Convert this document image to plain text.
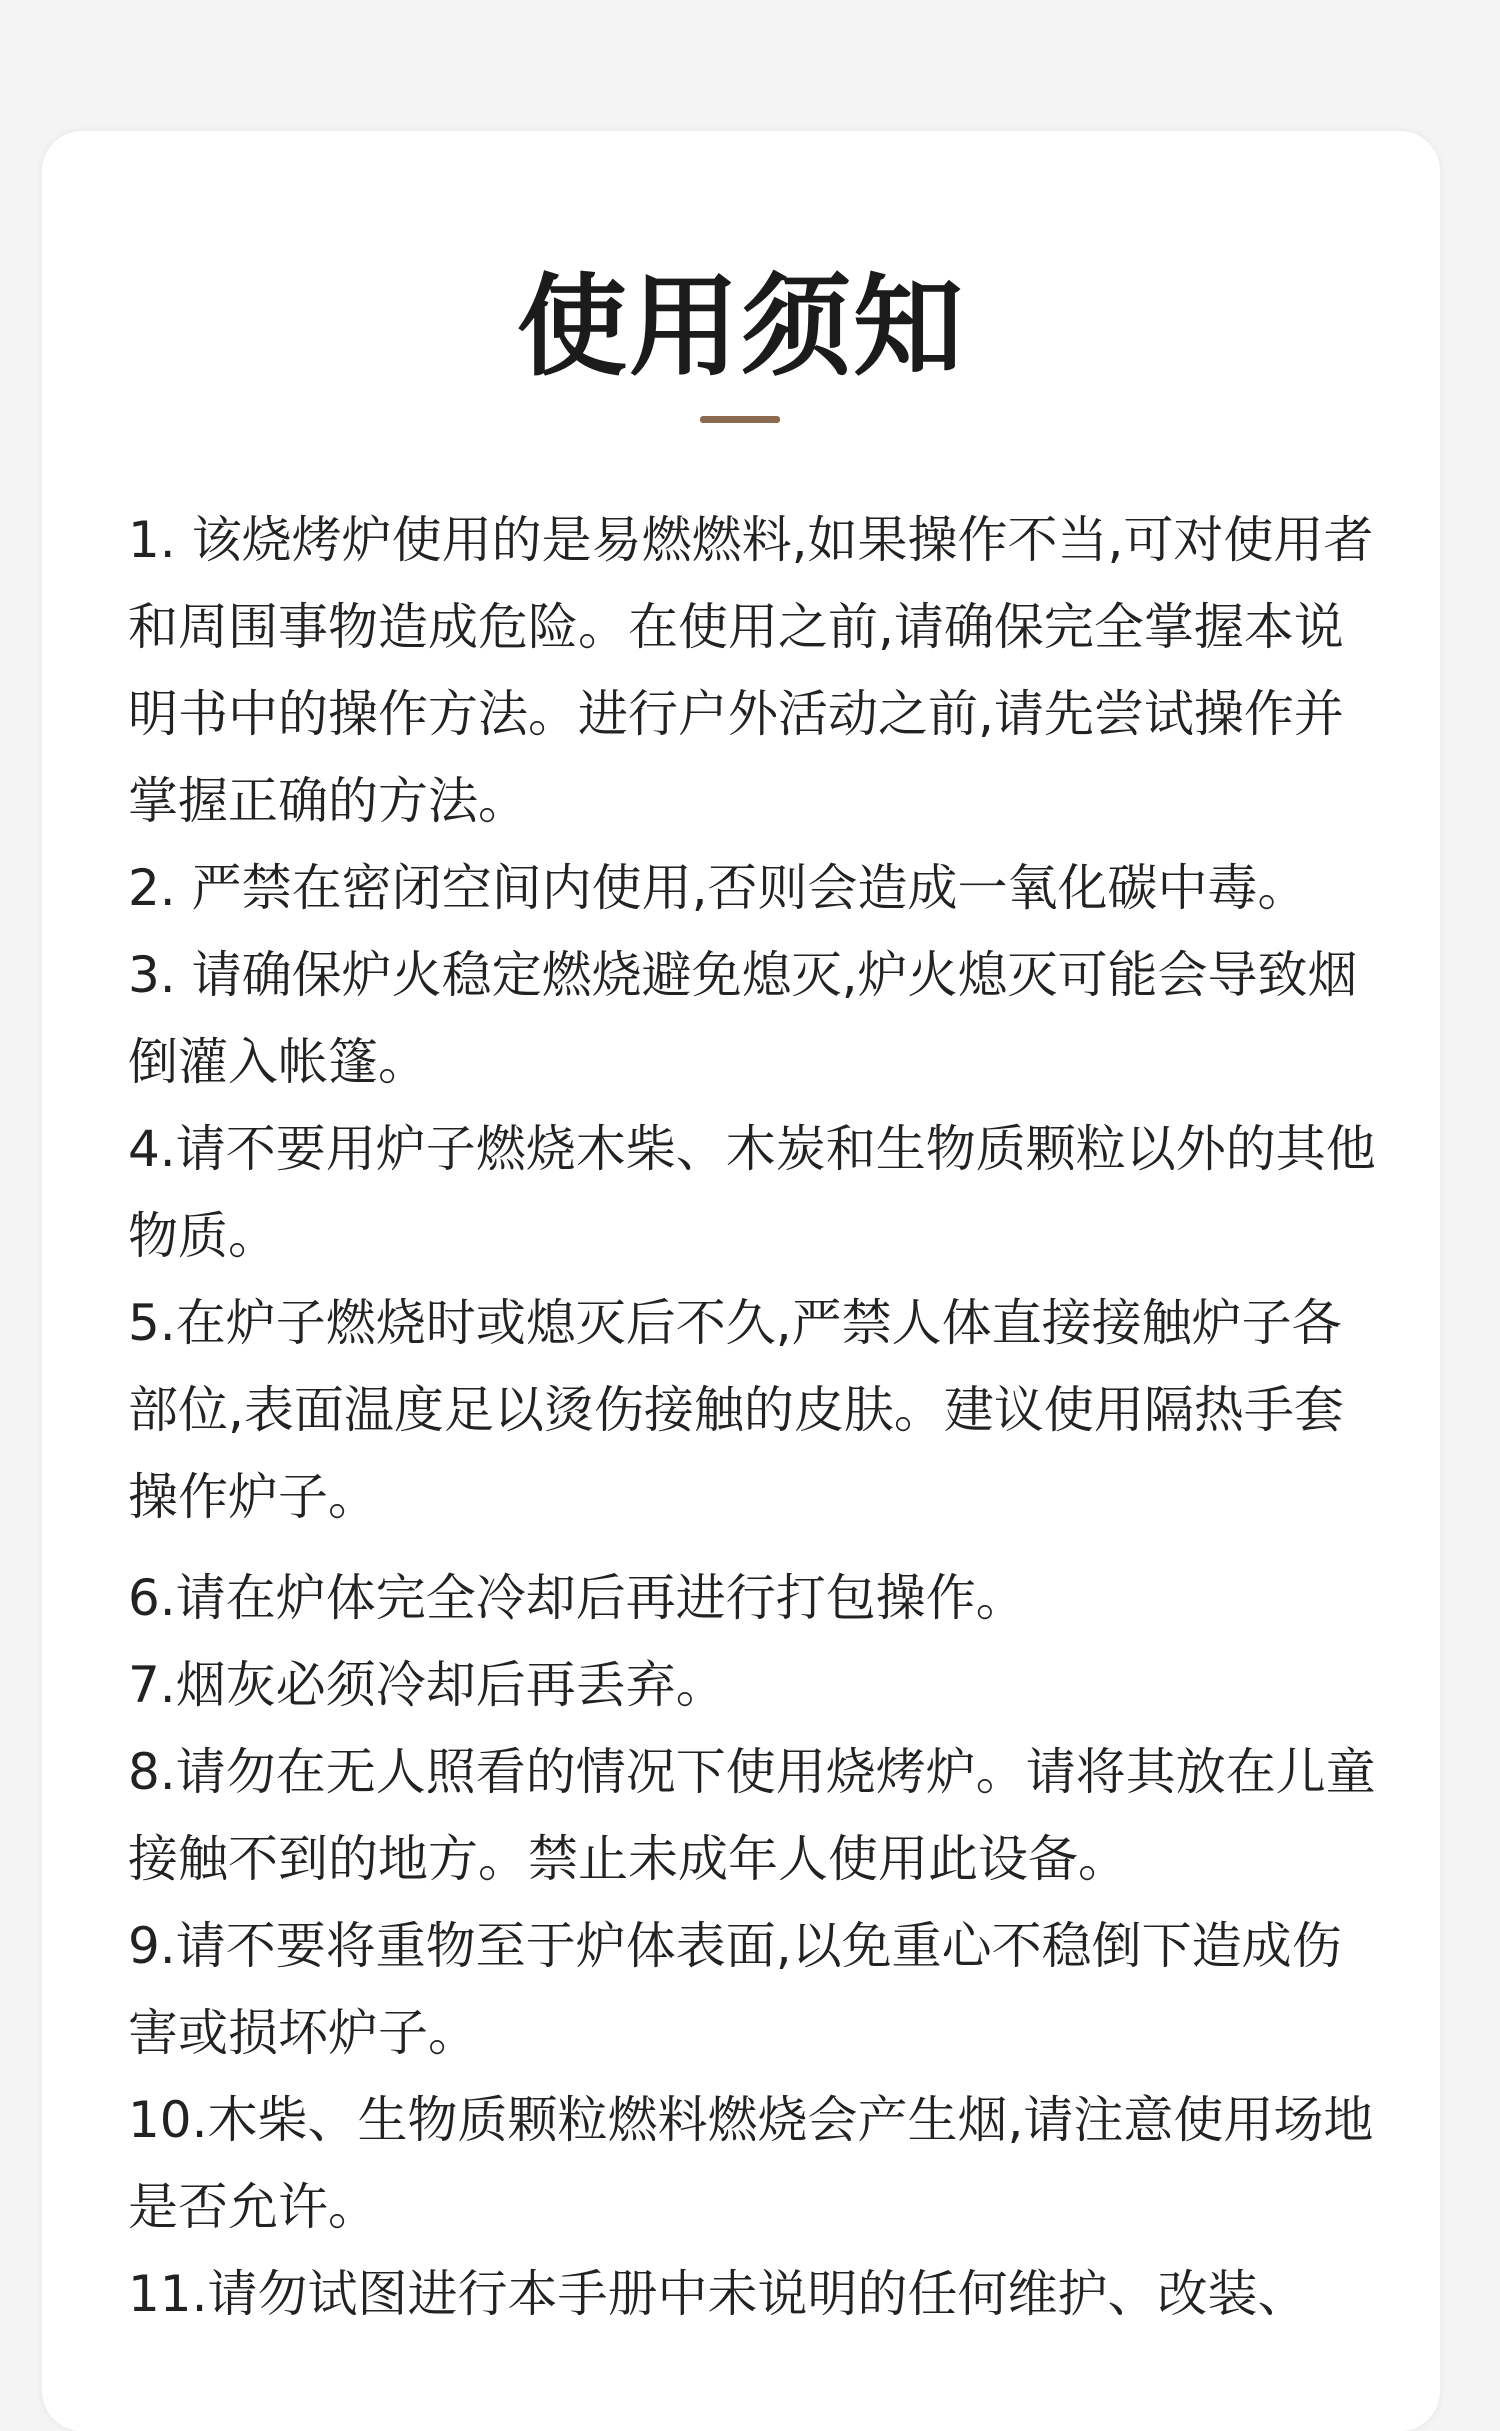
使用须知
1. 该烧烤炉使用的是易燃燃料,如果操作不当,可对使用者和周围事物造成危险。在使用之前,请确保完全掌握本说明书中的操作方法。进行户外活动之前,请先尝试操作并掌握正确的方法。
2. 严禁在密闭空间内使用,否则会造成一氧化碳中毒。
3. 请确保炉火稳定燃烧避免熄灭,炉火熄灭可能会导致烟倒灌入帐篷。
4.请不要用炉子燃烧木柴、木炭和生物质颗粒以外的其他物质。
5.在炉子燃烧时或熄灭后不久,严禁人体直接接触炉子各部位,表面温度足以烫伤接触的皮肤。建议使用隔热手套操作炉子。
6.请在炉体完全冷却后再进行打包操作。
7.烟灰必须冷却后再丢弃。
8.请勿在无人照看的情况下使用烧烤炉。请将其放在儿童接触不到的地方。禁止未成年人使用此设备。
9.请不要将重物至于炉体表面,以免重心不稳倒下造成伤害或损坏炉子。
10.木柴、生物质颗粒燃料燃烧会产生烟,请注意使用场地是否允许。
11.请勿试图进行本手册中未说明的任何维护、改装、
